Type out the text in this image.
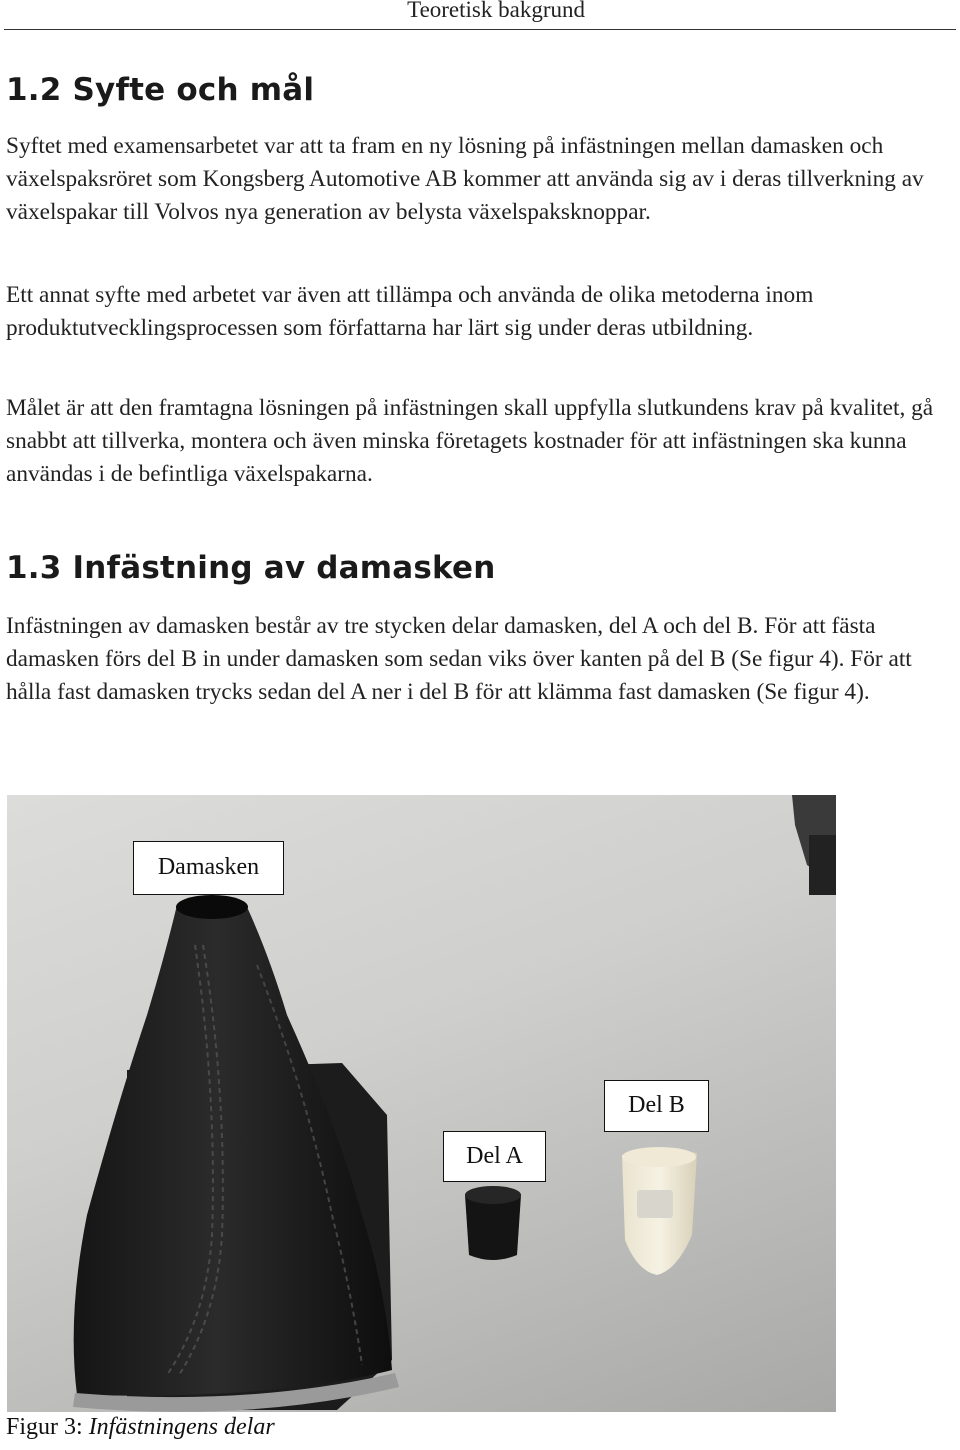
Teoretisk bakgrund
1.2 Syfte och mål

Syftet med examensarbetet var att ta fram en ny lösning på infästningen mellan damasken och växelspaksröret som Kongsberg Automotive AB kommer att använda sig av i deras tillverkning av växelspakar till Volvos nya generation av belysta växelspaksknoppar.

Ett annat syfte med arbetet var även att tillämpa och använda de olika metoderna inom produktutvecklingsprocessen som författarna har lärt sig under deras utbildning.

Målet är att den framtagna lösningen på infästningen skall uppfylla slutkundens krav på kvalitet, gå snabbt att tillverka, montera och även minska företagets kostnader för att infästningen ska kunna användas i de befintliga växelspakarna.

1.3 Infästning av damasken

Infästningen av damasken består av tre stycken delar damasken, del A och del B. För att fästa damasken förs del B in under damasken som sedan viks över kanten på del B (Se figur 4). För att hålla fast damasken trycks sedan del A ner i del B för att klämma fast damasken (Se figur 4).

Damasken
Del A
Del B
Figur 3: Infästningens delar
